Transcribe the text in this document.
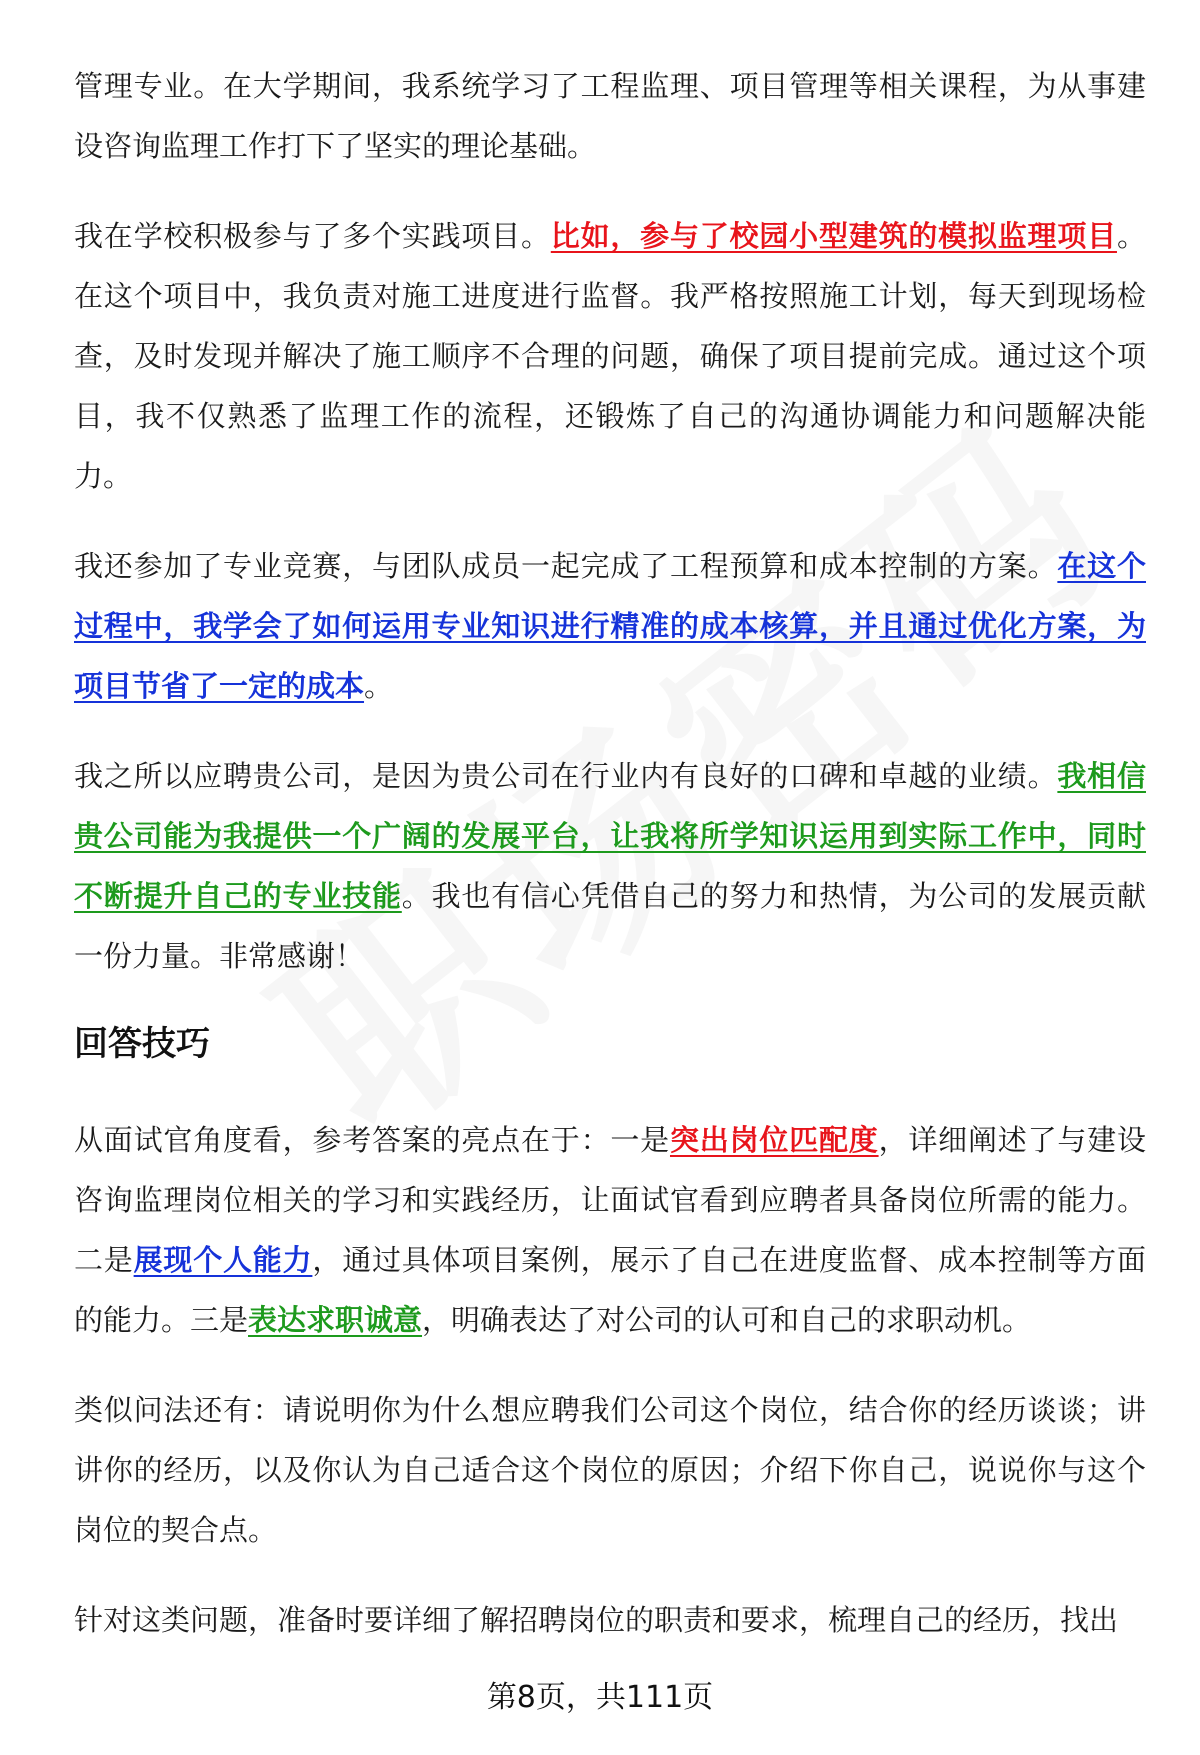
管理专业。在大学期间，我系统学习了工程监理、项目管理等相关课程，为从事建设咨询监理工作打下了坚实的理论基础。

我在学校积极参与了多个实践项目。比如，参与了校园小型建筑的模拟监理项目。在这个项目中，我负责对施工进度进行监督。我严格按照施工计划，每天到现场检查，及时发现并解决了施工顺序不合理的问题，确保了项目提前完成。通过这个项目，我不仅熟悉了监理工作的流程，还锻炼了自己的沟通协调能力和问题解决能力。

我还参加了专业竞赛，与团队成员一起完成了工程预算和成本控制的方案。在这个过程中，我学会了如何运用专业知识进行精准的成本核算，并且通过优化方案，为项目节省了一定的成本。

我之所以应聘贵公司，是因为贵公司在行业内有良好的口碑和卓越的业绩。我相信贵公司能为我提供一个广阔的发展平台，让我将所学知识运用到实际工作中，同时不断提升自己的专业技能。我也有信心凭借自己的努力和热情，为公司的发展贡献一份力量。非常感谢！

回答技巧

从面试官角度看，参考答案的亮点在于：一是突出岗位匹配度，详细阐述了与建设咨询监理岗位相关的学习和实践经历，让面试官看到应聘者具备岗位所需的能力。二是展现个人能力，通过具体项目案例，展示了自己在进度监督、成本控制等方面的能力。三是表达求职诚意，明确表达了对公司的认可和自己的求职动机。

类似问法还有：请说明你为什么想应聘我们公司这个岗位，结合你的经历谈谈；讲讲你的经历，以及你认为自己适合这个岗位的原因；介绍下你自己，说说你与这个岗位的契合点。

针对这类问题，准备时要详细了解招聘岗位的职责和要求，梳理自己的经历，找出

第8页，共111页
